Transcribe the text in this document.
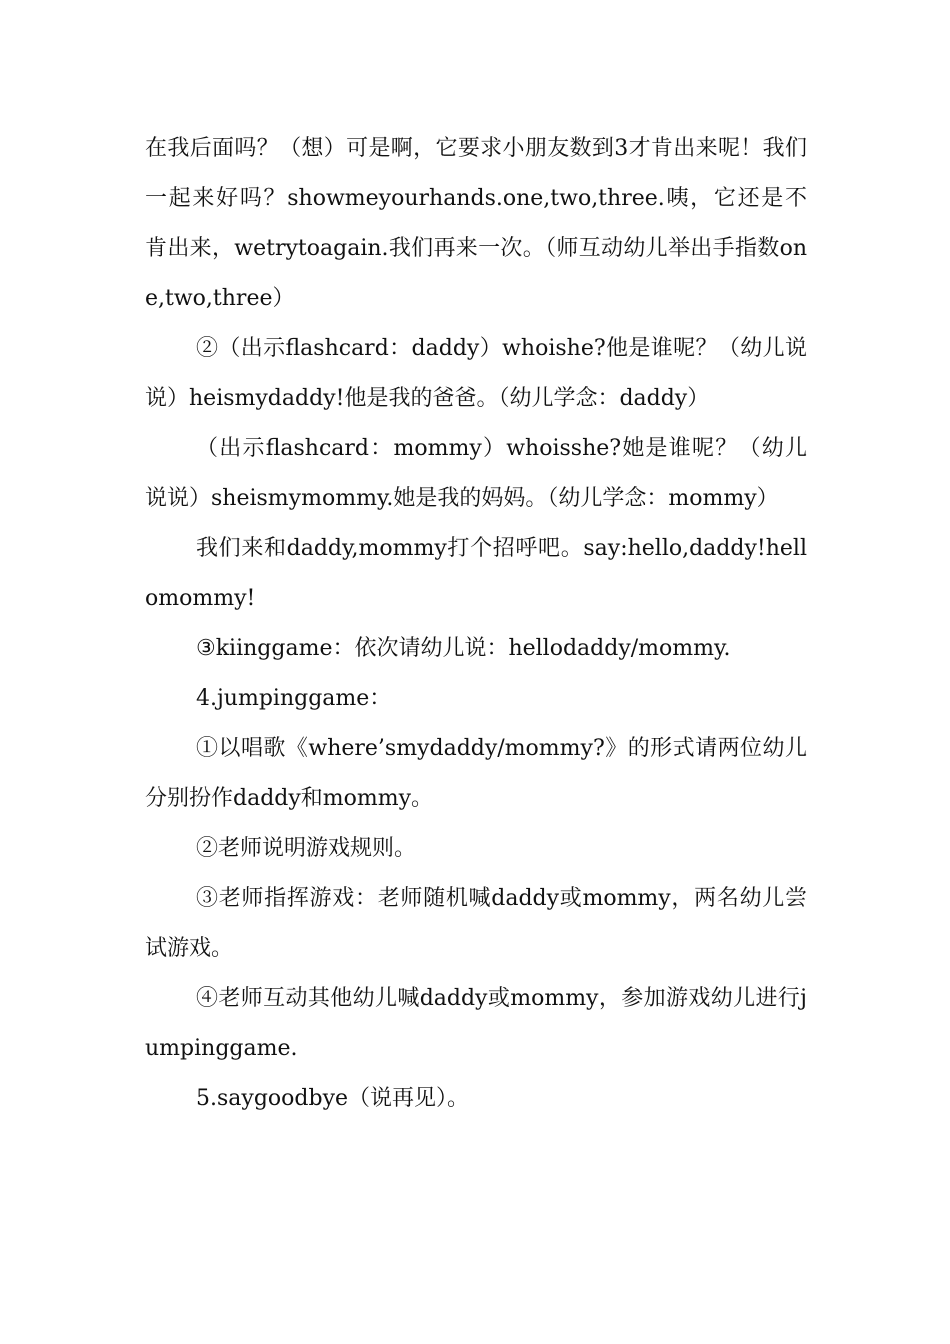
在我后面吗？（想）可是啊，它要求小朋友数到3才肯出来呢！我们一起来好吗？showmeyourhands.one,two,three.咦，它还是不肯出来，wetrytoagain.我们再来一次。（师互动幼儿举出手指数one,two,three）

②（出示flashcard：daddy）whoishe?他是谁呢？（幼儿说说）heismydaddy!他是我的爸爸。（幼儿学念：daddy）

（出示flashcard：mommy）whoisshe?她是谁呢？（幼儿说说）sheismymommy.她是我的妈妈。（幼儿学念：mommy）

我们来和daddy,mommy打个招呼吧。say:hello,daddy!hellomommy!

③kiinggame：依次请幼儿说：hellodaddy/mommy.

4.jumpinggame：

①以唱歌《where’smydaddy/mommy?》的形式请两位幼儿分别扮作daddy和mommy。

②老师说明游戏规则。

③老师指挥游戏：老师随机喊daddy或mommy，两名幼儿尝试游戏。

④老师互动其他幼儿喊daddy或mommy，参加游戏幼儿进行jumpinggame.

5.saygoodbye（说再见）。
